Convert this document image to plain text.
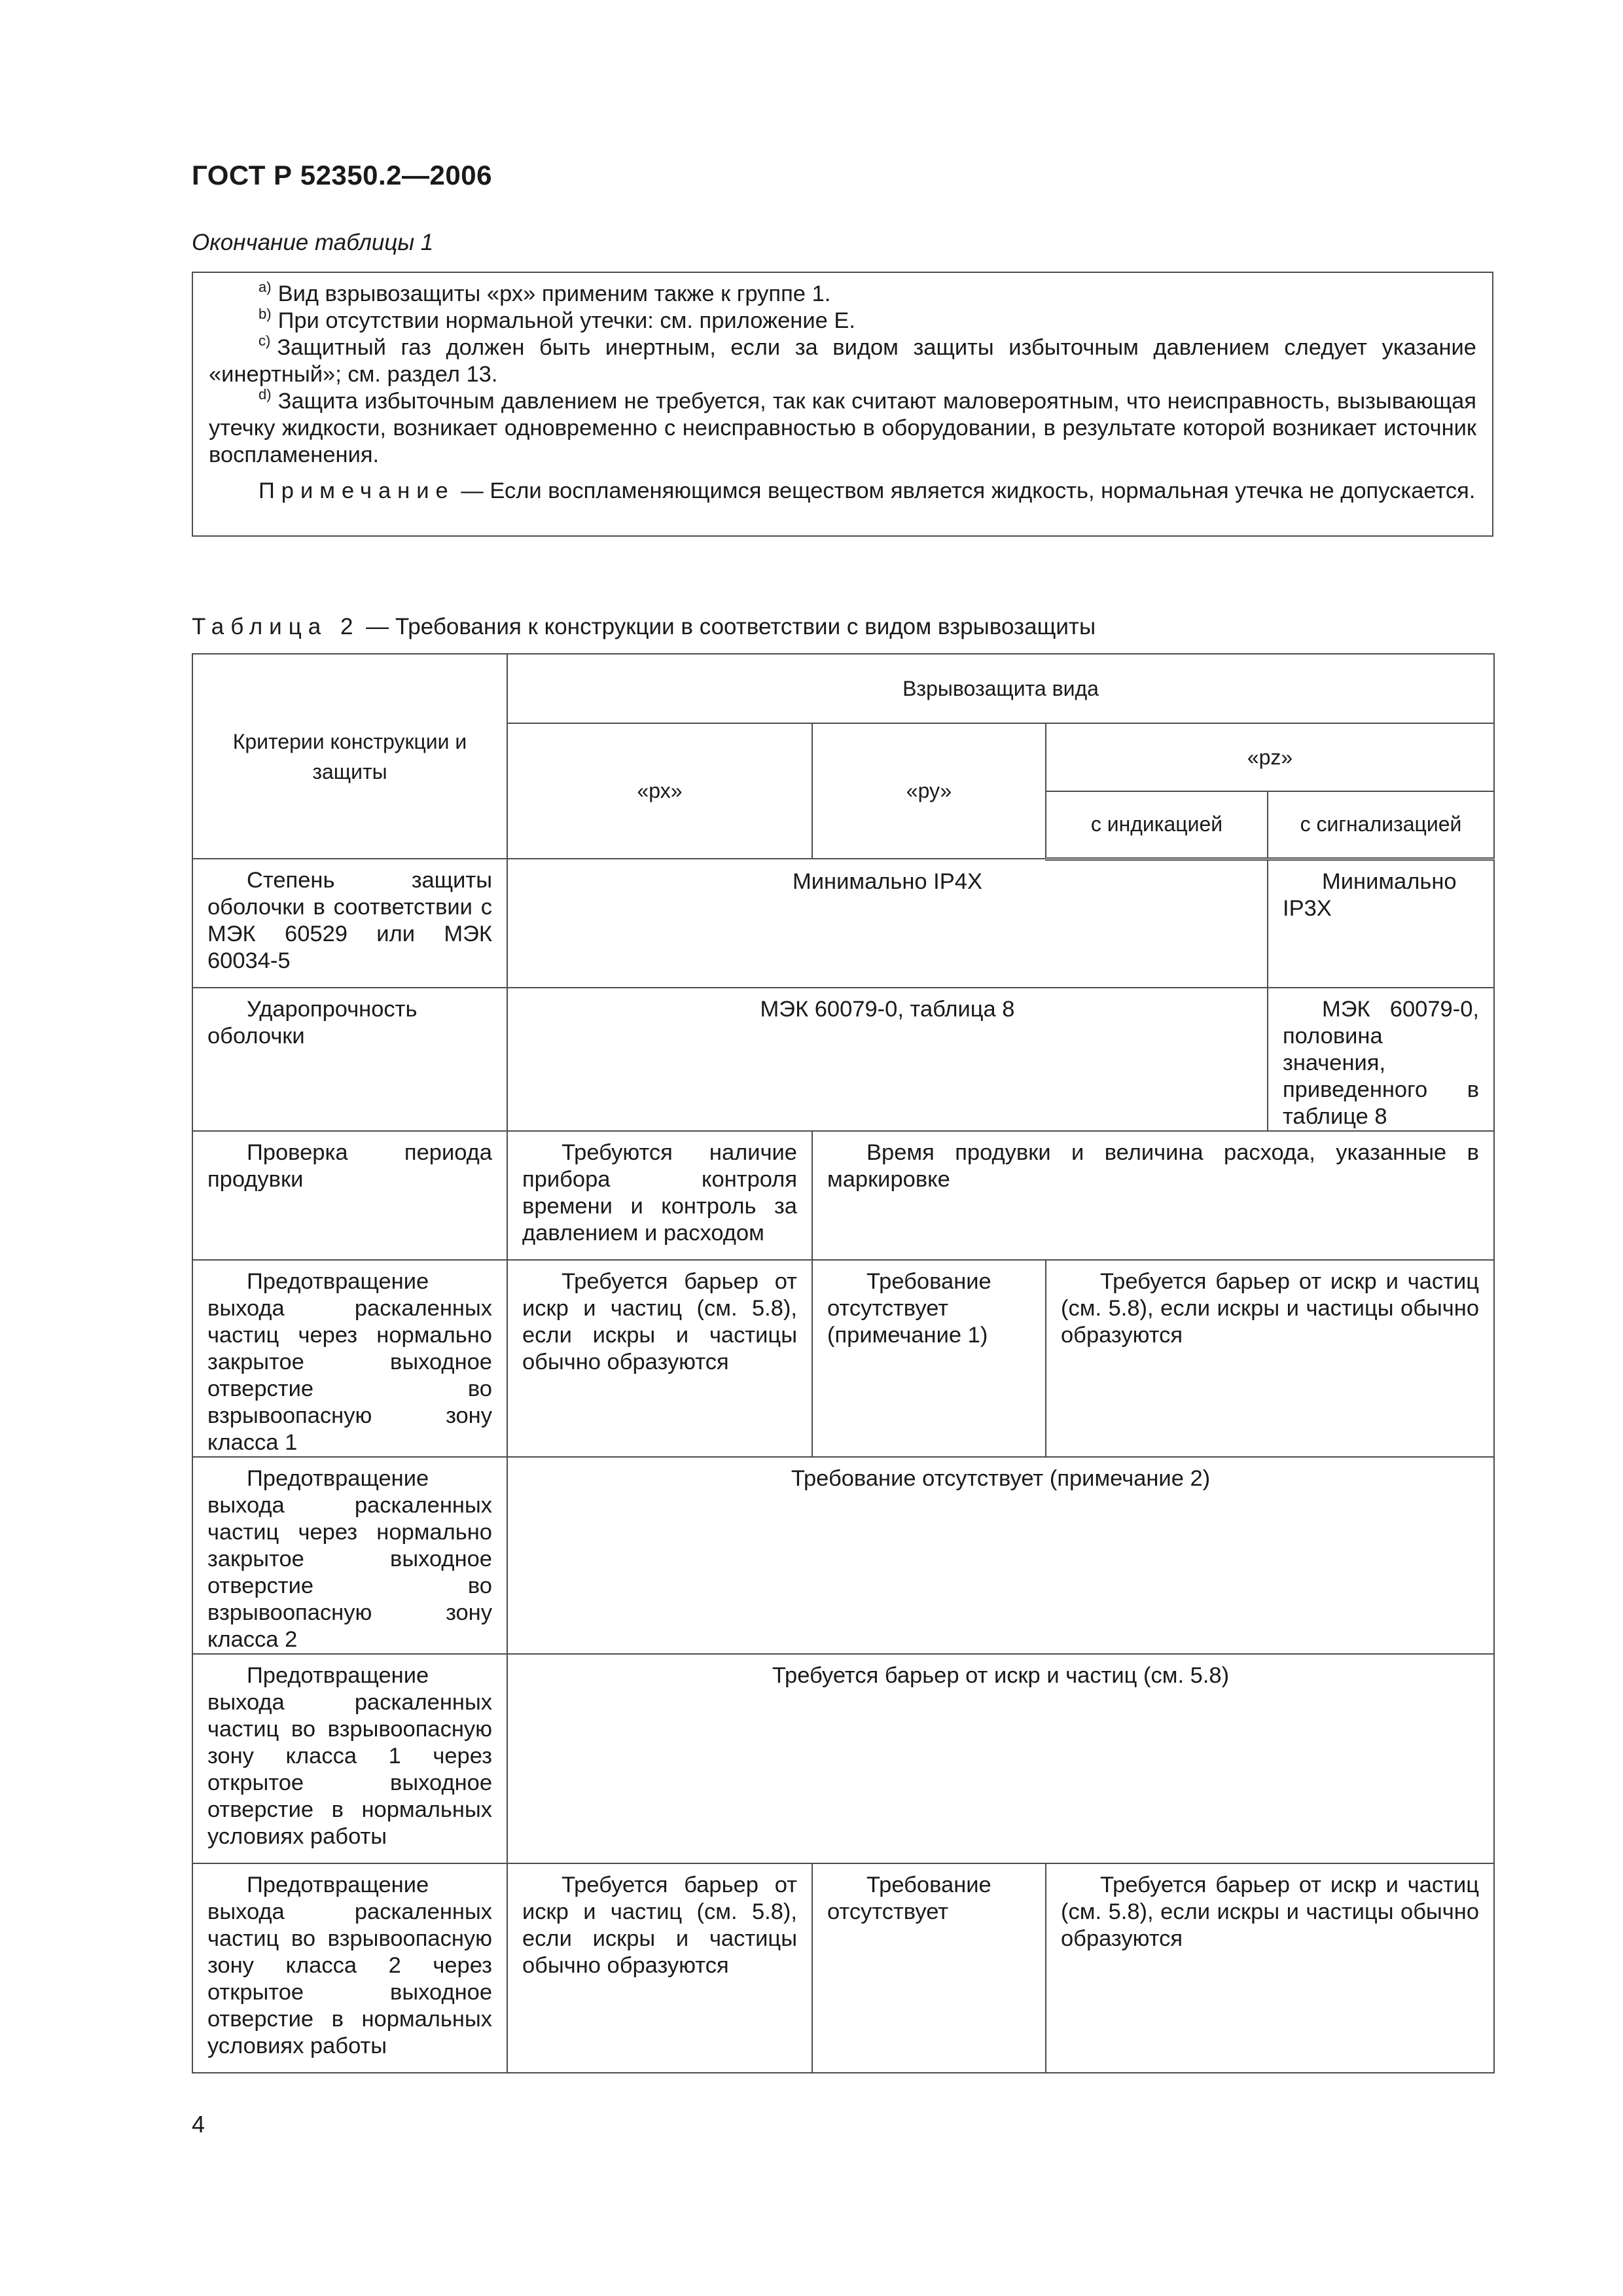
ГОСТ Р 52350.2—2006
Окончание таблицы 1

$^{a)}$ Вид взрывозащиты «рх» применим также к группе 1.

$^{b)}$ При отсутствии нормальной утечки: см. приложение E.

$^{c)}$ Защитный газ должен быть инертным, если за видом защиты избыточным давлением следует указание «инертный»; см. раздел 13.

$^{d)}$ Защита избыточным давлением не требуется, так как считают маловероятным, что неисправность, вызывающая утечку жидкости, возникает одновременно с неисправностью в оборудовании, в результате которой возникает источник воспламенения.

Примечание — Если воспламеняющимся веществом является жидкость, нормальная утечка не допускается.

Таблица 2 — Требования к конструкции в соответствии с видом взрывозащиты
Критерии конструкции и защиты	Взрывозащита вида			
	«рх»	«ру»	«pz»	
			с индикацией	с сигнализацией
Степень защиты оболочки в соответствии с МЭК 60529 или МЭК 60034-5	Минимально IP4X			Минимально IP3X
Ударопрочность оболочки	МЭК 60079-0, таблица 8			МЭК 60079-0, половина значения, приведенного в таблице 8
Проверка периода продувки	Требуются наличие прибора контроля времени и контроль за давлением и расходом	Время продувки и величина расхода, указанные в маркировке		
Предотвращение выхода раскаленных частиц через нормально закрытое выходное отверстие во взрывоопасную зону класса 1	Требуется барьер от искр и частиц (см. 5.8), если искры и частицы обычно образуются	Требование отсутствует (примечание 1)	Требуется барьер от искр и частиц (см. 5.8), если искры и частицы обычно образуются	
Предотвращение выхода раскаленных частиц через нормально закрытое выходное отверстие во взрывоопасную зону класса 2	Требование отсутствует (примечание 2)			
Предотвращение выхода раскаленных частиц во взрывоопасную зону класса 1 через открытое выходное отверстие в нормальных условиях работы	Требуется барьер от искр и частиц (см. 5.8)			
Предотвращение выхода раскаленных частиц во взрывоопасную зону класса 2 через открытое выходное отверстие в нормальных условиях работы	Требуется барьер от искр и частиц (см. 5.8), если искры и частицы обычно образуются	Требование отсутствует	Требуется барьер от искр и частиц (см. 5.8), если искры и частицы обычно образуются	
4
